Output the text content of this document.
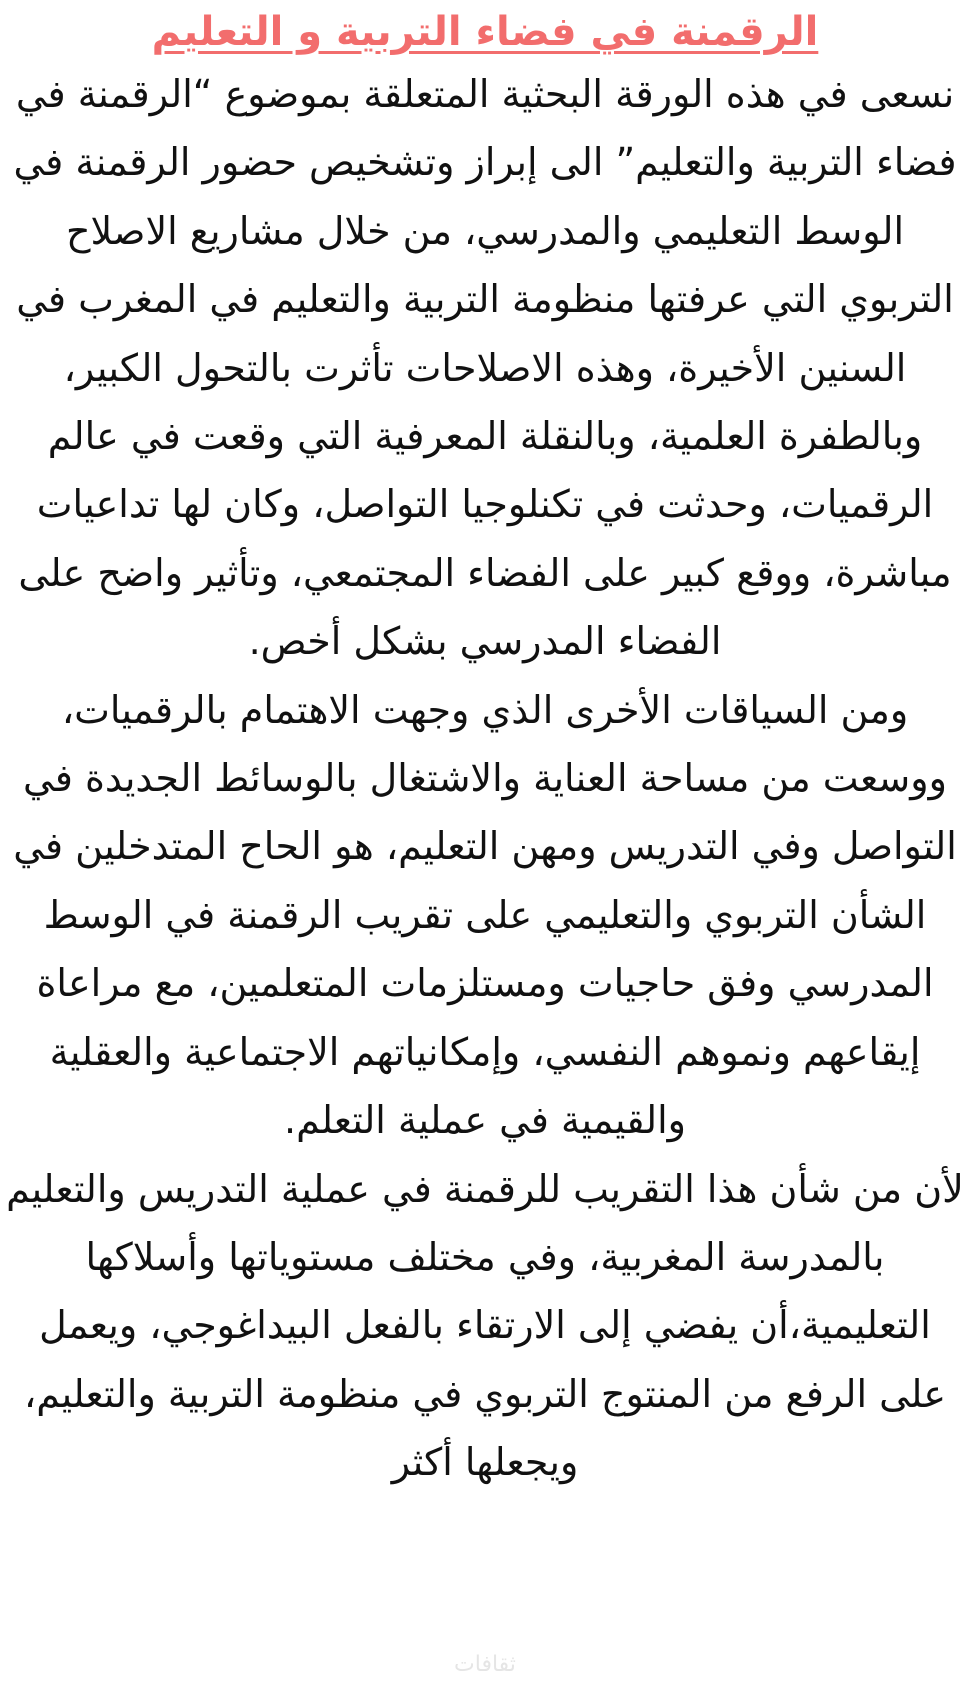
الرقمنة في فضاء التربية و التعليم

نسعى في هذه الورقة البحثية المتعلقة بموضوع “الرقمنة في فضاء التربية والتعليم” الى إبراز وتشخيص حضور الرقمنة في الوسط التعليمي والمدرسي، من خلال مشاريع الاصلاح التربوي التي عرفتها منظومة التربية والتعليم في المغرب في السنين الأخيرة، وهذه الاصلاحات تأثرت بالتحول الكبير، وبالطفرة العلمية، وبالنقلة المعرفية التي وقعت في عالم الرقميات، وحدثت في تكنلوجيا التواصل، وكان لها تداعيات مباشرة، ووقع كبير على الفضاء المجتمعي، وتأثير واضح على الفضاء المدرسي بشكل أخص.

ومن السياقات الأخرى الذي وجهت الاهتمام بالرقميات، ووسعت من مساحة العناية والاشتغال بالوسائط الجديدة في التواصل وفي التدريس ومهن التعليم، هو الحاح المتدخلين في الشأن التربوي والتعليمي على تقريب الرقمنة في الوسط المدرسي وفق حاجيات ومستلزمات المتعلمين، مع مراعاة إيقاعهم ونموهم النفسي، وإمكانياتهم الاجتماعية والعقلية والقيمية في عملية التعلم.

لأن من شأن هذا التقريب للرقمنة في عملية التدريس والتعليم بالمدرسة المغربية، وفي مختلف مستوياتها وأسلاكها التعليمية،أن يفضي إلى الارتقاء بالفعل البيداغوجي، ويعمل على الرفع من المنتوج التربوي في منظومة التربية والتعليم، ويجعلها أكثر

ثقافات
